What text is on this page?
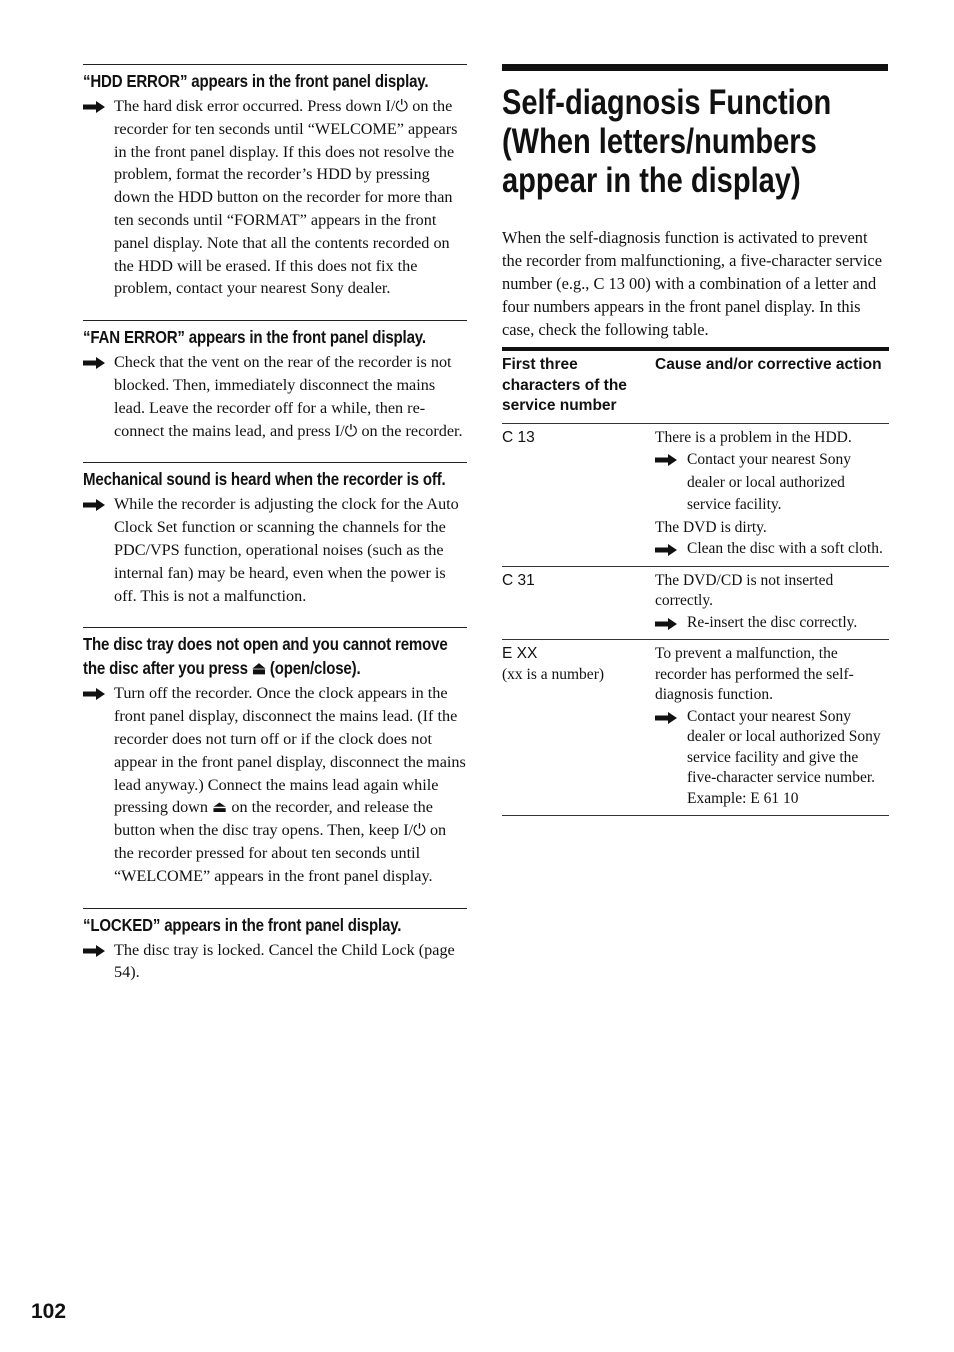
“HDD ERROR” appears in the front panel display.
The hard disk error occurred. Press down I/⏻ on the recorder for ten seconds until “WELCOME” appears in the front panel display. If this does not resolve the problem, format the recorder’s HDD by pressing down the HDD button on the recorder for more than ten seconds until “FORMAT” appears in the front panel display. Note that all the contents recorded on the HDD will be erased. If this does not fix the problem, contact your nearest Sony dealer.
“FAN ERROR” appears in the front panel display.
Check that the vent on the rear of the recorder is not blocked. Then, immediately disconnect the mains lead. Leave the recorder off for a while, then re-connect the mains lead, and press I/⏻ on the recorder.
Mechanical sound is heard when the recorder is off.
While the recorder is adjusting the clock for the Auto Clock Set function or scanning the channels for the PDC/VPS function, operational noises (such as the internal fan) may be heard, even when the power is off. This is not a malfunction.
The disc tray does not open and you cannot remove the disc after you press ⏏ (open/close).
Turn off the recorder. Once the clock appears in the front panel display, disconnect the mains lead. (If the recorder does not turn off or if the clock does not appear in the front panel display, disconnect the mains lead anyway.) Connect the mains lead again while pressing down ⏏ on the recorder, and release the button when the disc tray opens. Then, keep I/⏻ on the recorder pressed for about ten seconds until “WELCOME” appears in the front panel display.
“LOCKED” appears in the front panel display.
The disc tray is locked. Cancel the Child Lock (page 54).
Self-diagnosis Function (When letters/numbers appear in the display)

When the self-diagnosis function is activated to prevent the recorder from malfunctioning, a five-character service number (e.g., C 13 00) with a combination of a letter and four numbers appears in the front panel display. In this case, check the following table.

First three characters of the service number
Cause and/or corrective action
C 13	There is a problem in the HDD.
Contact your nearest Sony dealer or local authorized service facility.
The DVD is dirty.
Clean the disc with a soft cloth.
C 31	The DVD/CD is not inserted correctly.
Re-insert the disc correctly.
E XX
(xx is a number)
To prevent a malfunction, the recorder has performed the self-diagnosis function.
Contact your nearest Sony dealer or local authorized Sony service facility and give the five-character service number.
Example: E 61 10
102
